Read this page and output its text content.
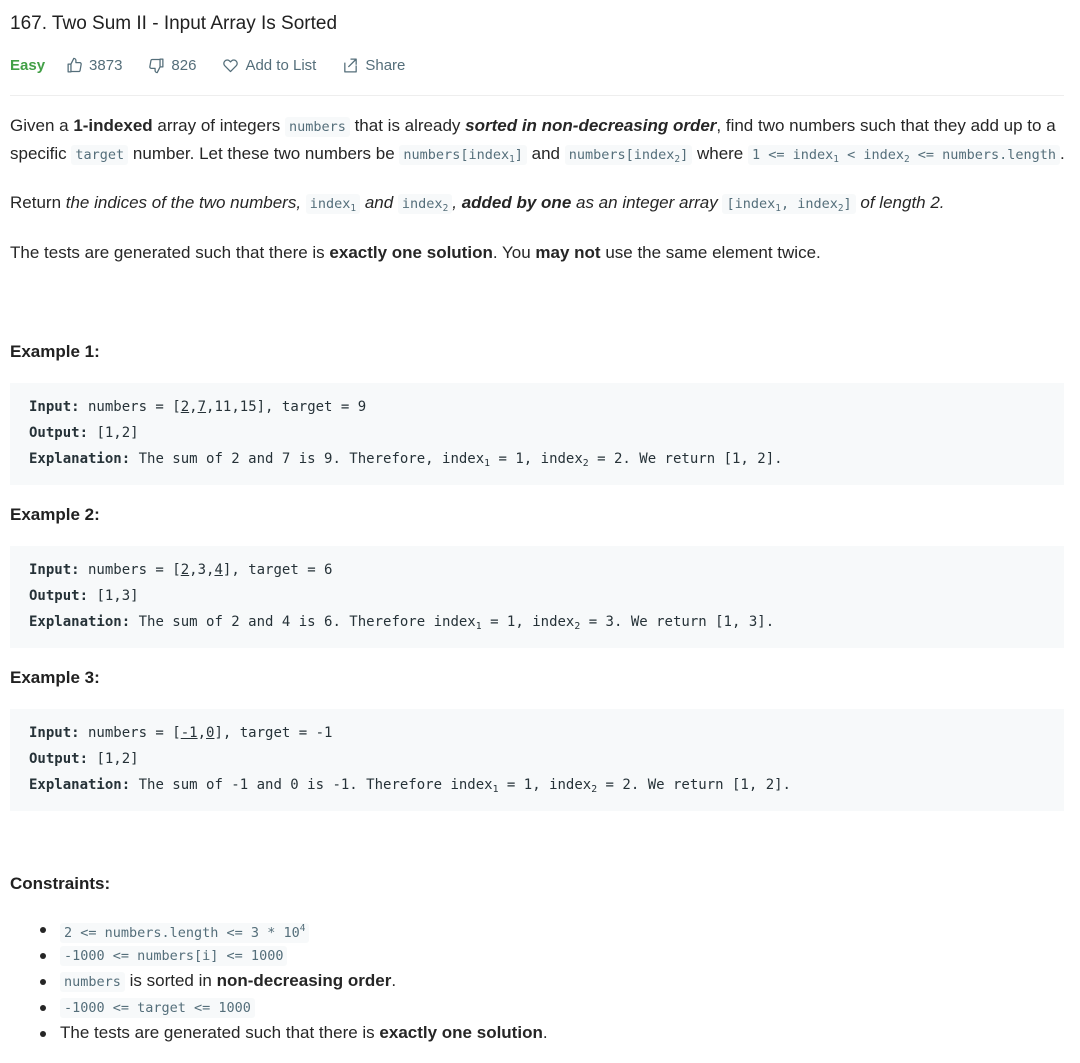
167. Two Sum II - Input Array Is Sorted
Easy	3873	826	Add to List	Share

Given a 1-indexed array of integers numbers that is already sorted in non-decreasing order, find two numbers such that they add up to a specific target number. Let these two numbers be numbers[index$_1$] and numbers[index$_2$] where 1 <= index$_1$ < index$_2$ <= numbers.length .

Return the indices of the two numbers, index$_1$ and index$_2$ , added by one as an integer array [index$_1$, index$_2$] of length 2.

The tests are generated such that there is exactly one solution. You may not use the same element twice.

Example 1:
Input: numbers = [2,7,11,15], target = 9
Output: [1,2]
Explanation: The sum of 2 and 7 is 9. Therefore, index$_1$ = 1, index$_2$ = 2. We return [1, 2].
Example 2:
Input: numbers = [2,3,4], target = 6
Output: [1,3]
Explanation: The sum of 2 and 4 is 6. Therefore index$_1$ = 1, index$_2$ = 3. We return [1, 3].
Example 3:
Input: numbers = [-1,0], target = -1
Output: [1,2]
Explanation: The sum of -1 and 0 is -1. Therefore index$_1$ = 1, index$_2$ = 2. We return [1, 2].
Constraints:
2 <= numbers.length <= $3 * 10^4$
-1000 <= numbers[i] <= 1000
numbers is sorted in non-decreasing order.
-1000 <= target <= 1000
The tests are generated such that there is exactly one solution.
